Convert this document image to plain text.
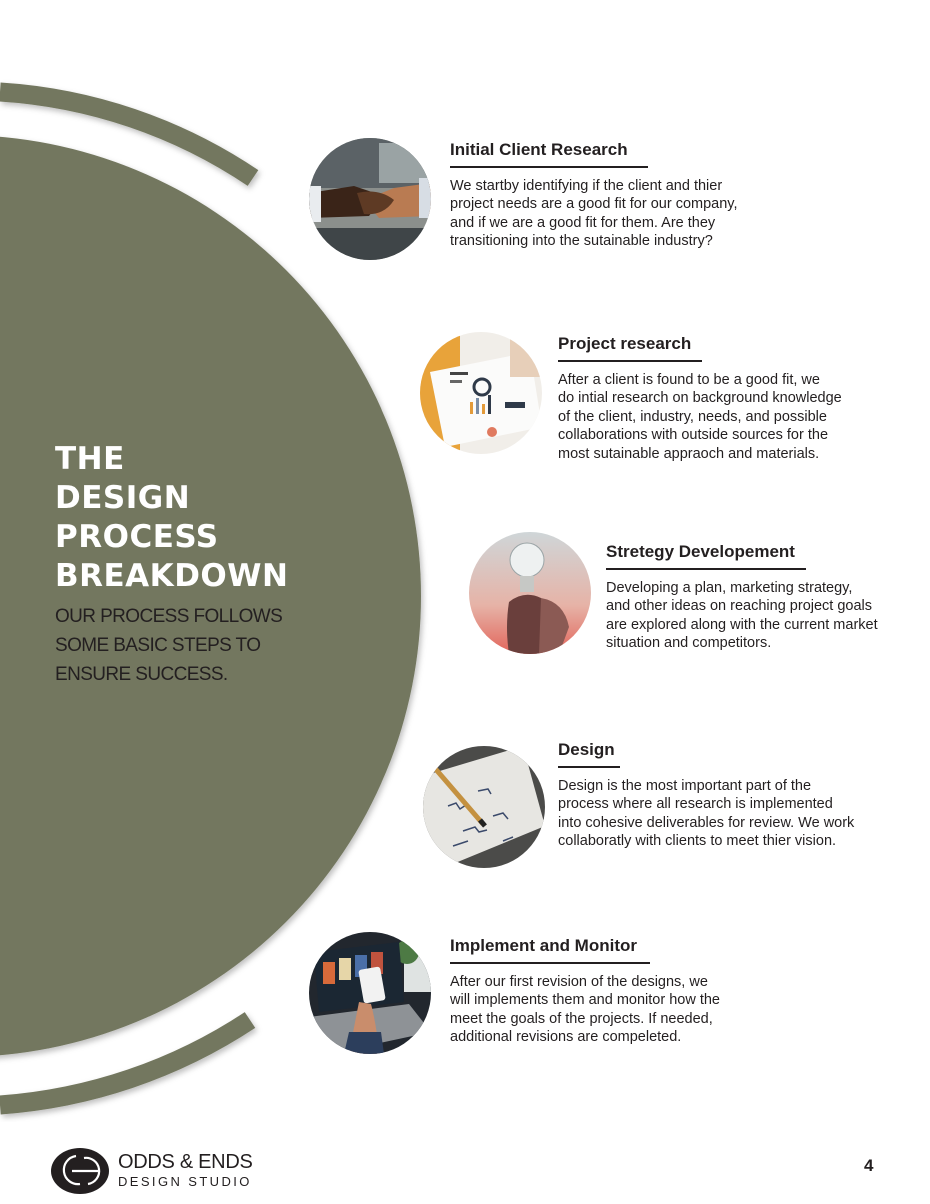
THE
DESIGN
PROCESS
BREAKDOWN
OUR PROCESS FOLLOWS
SOME BASIC STEPS TO
ENSURE SUCCESS.
Initial Client Research
We startby identifying if the client and thier
project needs are a good fit for our company,
and if we are a good fit for them. Are they
transitioning into the sutainable industry?
Project research
After a client is found to be a good fit, we
do intial research on background knowledge
of the client, industry, needs, and possible
collaborations with outside sources for the
most sutainable appraoch and materials.
Stretegy Developement
Developing a plan, marketing strategy,
and other ideas on reaching project goals
are explored along with the current market
situation and competitors.
Design
Design is the most important part of the
process where all research is implemented
into cohesive deliverables for review. We work
collaboratly with clients to meet thier vision.
Implement and Monitor
After our first revision of the designs, we
will implements them and monitor how the
meet the goals of the projects. If needed,
additional revisions are compeleted.
ODDS & ENDS
DESIGN STUDIO
4
